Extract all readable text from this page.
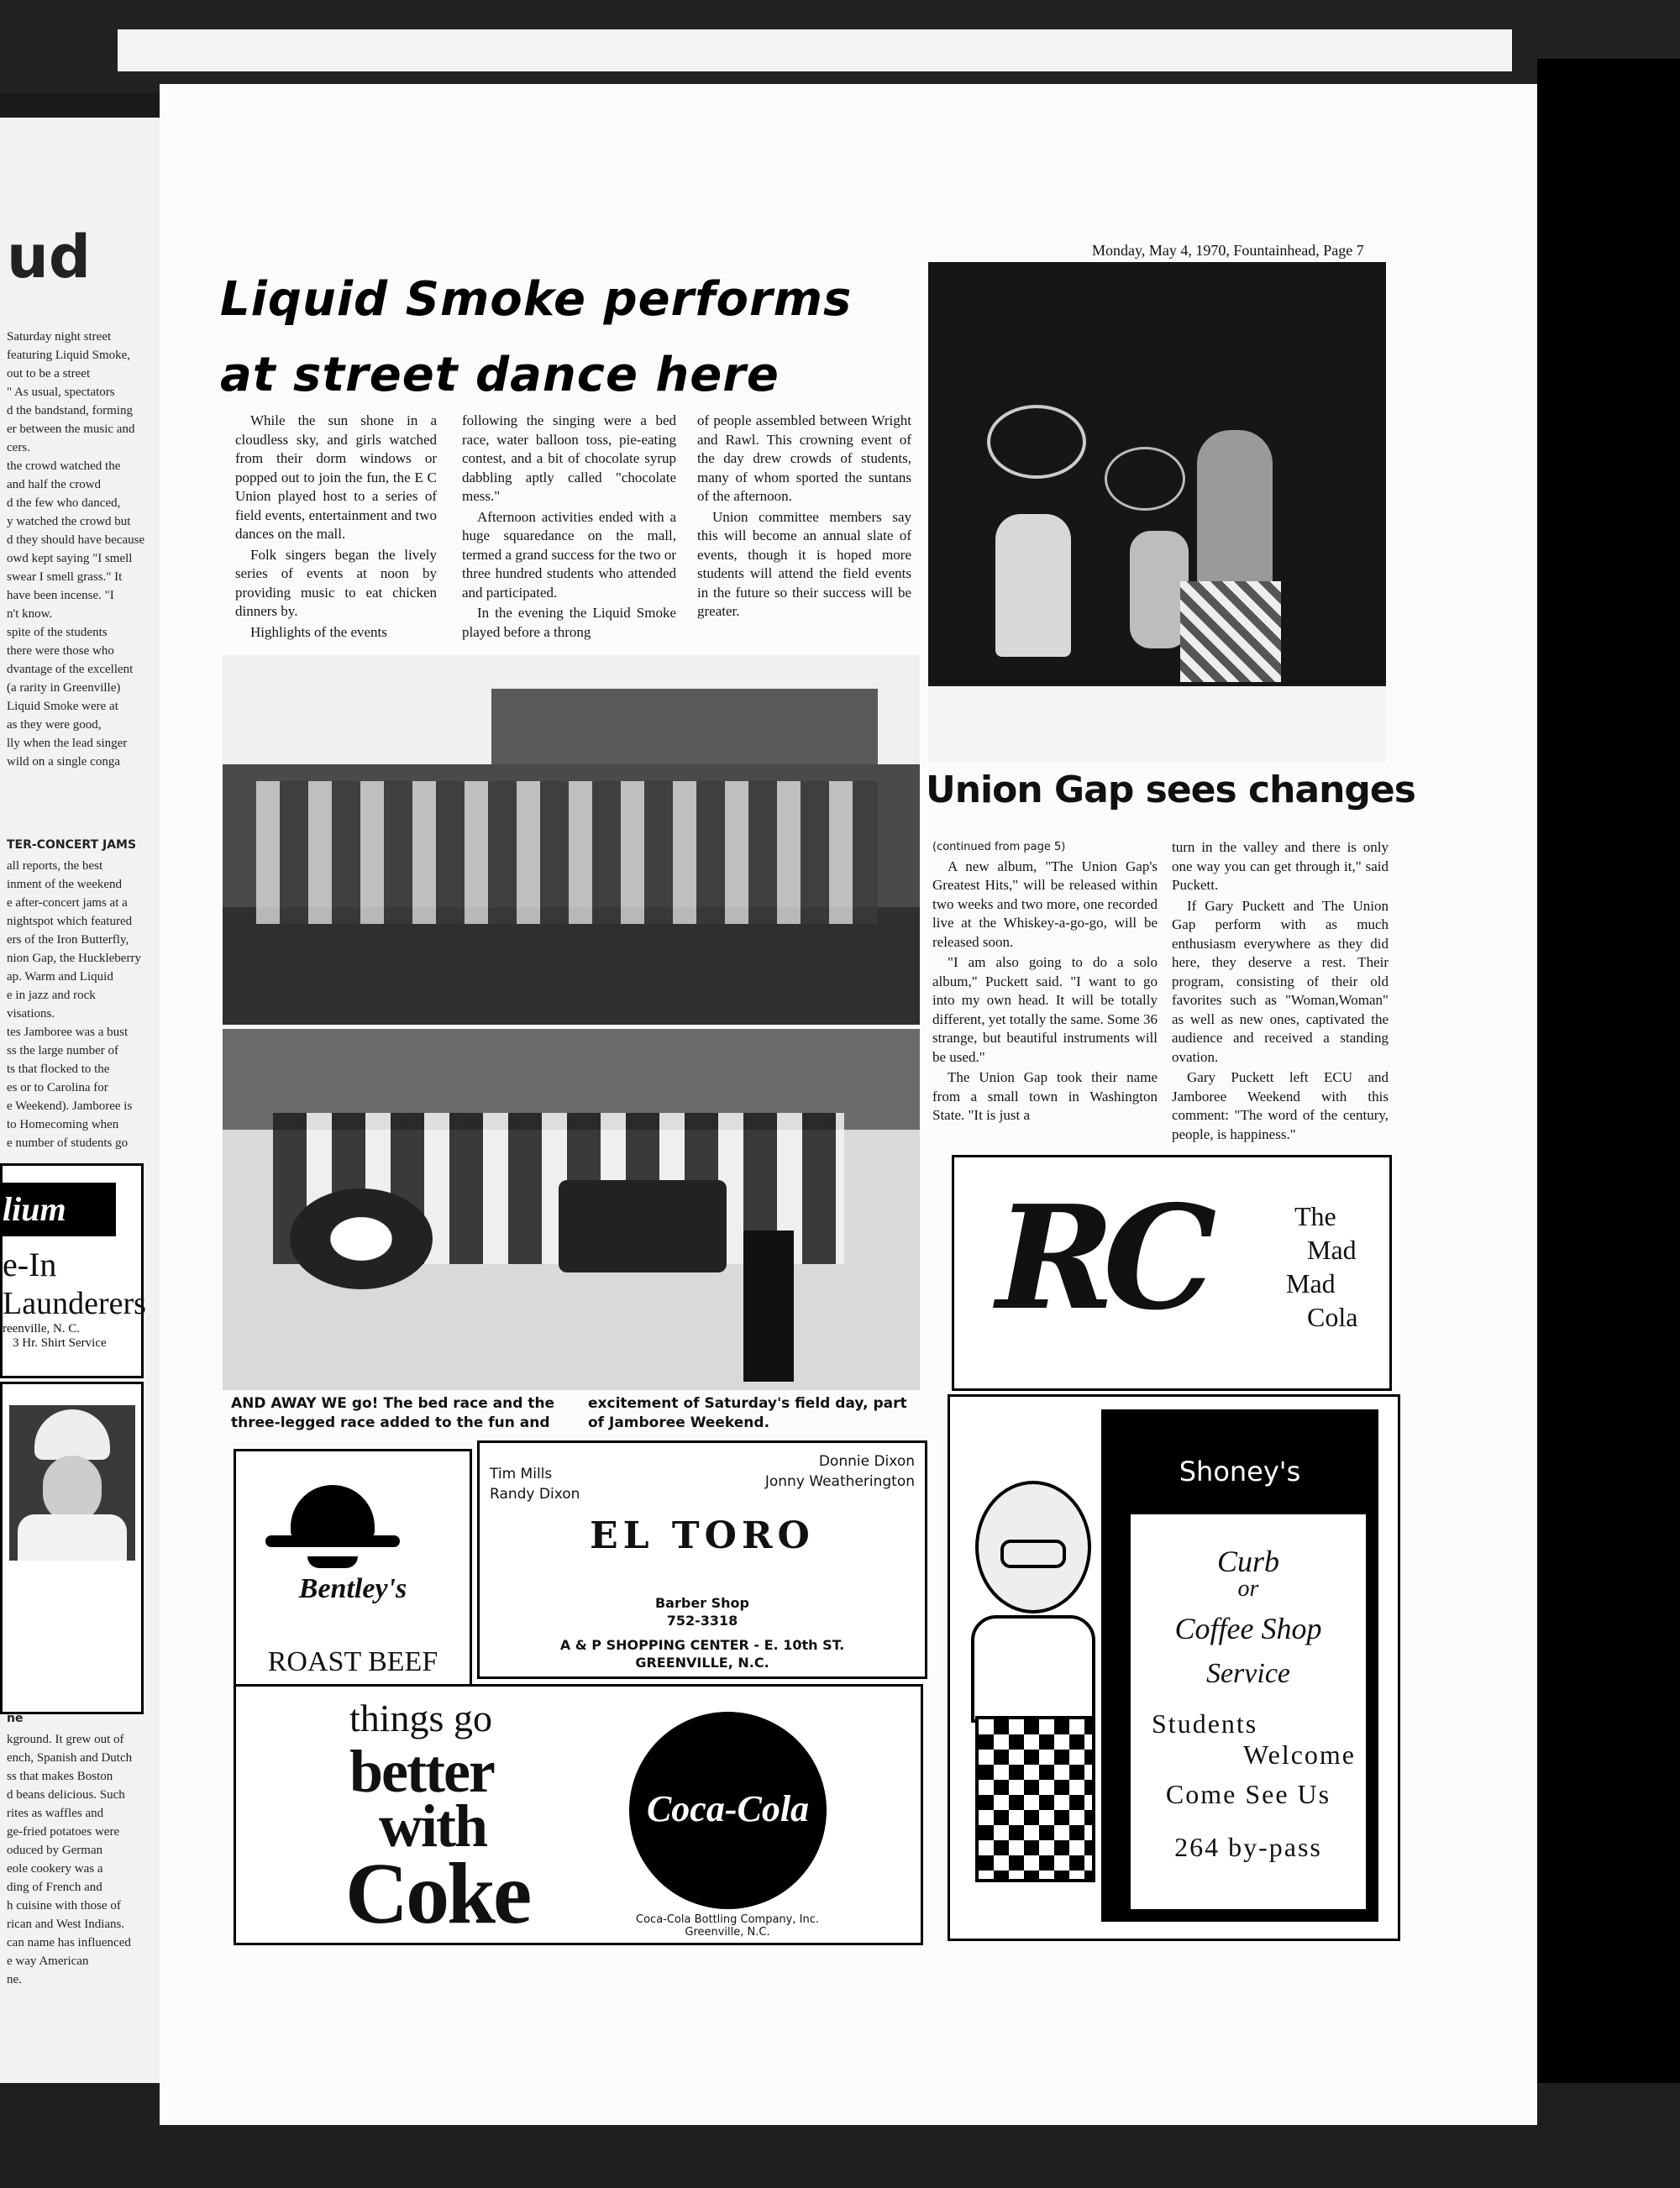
ud
Saturday night street
featuring Liquid Smoke,
out to be a street
" As usual, spectators
d the bandstand, forming
er between the music and
cers.
the crowd watched the
and half the crowd
d the few who danced,
y watched the crowd but
d they should have because
owd kept saying "I smell
swear I smell grass." It
have been incense. "I
n't know.
spite of the students
there were those who
dvantage of the excellent
(a rarity in Greenville)
Liquid Smoke were at
as they were good,
lly when the lead singer
wild on a single conga
TER-CONCERT JAMS
all reports, the best
inment of the weekend
e after-concert jams at a
nightspot which featured
ers of the Iron Butterfly,
nion Gap, the Huckleberry
ap. Warm and Liquid
e in jazz and rock
visations.
tes Jamboree was a bust
ss the large number of
ts that flocked to the
es or to Carolina for
e Weekend). Jamboree is
to Homecoming when
e number of students go
lium
e-In
Launderers
reenville, N. C.
3 Hr. Shirt Service
ne
kground. It grew out of
ench, Spanish and Dutch
ss that makes Boston
d beans delicious. Such
rites as waffles and
ge-fried potatoes were
oduced by German
eole cookery was a
ding of French and
h cuisine with those of
rican and West Indians.
can name has influenced
e way American
ne.
Monday, May 4, 1970, Fountainhead, Page 7
Liquid Smoke performs
at street dance here

While the sun shone in a cloudless sky, and girls watched from their dorm windows or popped out to join the fun, the E C Union played host to a series of field events, entertainment and two dances on the mall.

Folk singers began the lively series of events at noon by providing music to eat chicken dinners by.

Highlights of the events

following the singing were a bed race, water balloon toss, pie-eating contest, and a bit of chocolate syrup dabbling aptly called "chocolate mess."

Afternoon activities ended with a huge squaredance on the mall, termed a grand success for the two or three hundred students who attended and participated.

In the evening the Liquid Smoke played before a throng

of people assembled between Wright and Rawl. This crowning event of the day drew crowds of students, many of whom sported the suntans of the afternoon.

Union committee members say this will become an annual slate of events, though it is hoped more students will attend the field events in the future so their success will be greater.

AND AWAY WE go! The bed race and the three-legged race added to the fun and
excitement of Saturday's field day, part of Jamboree Weekend.
Union Gap sees changes
(continued from page 5)

A new album, "The Union Gap's Greatest Hits," will be released within two weeks and two more, one recorded live at the Whiskey-a-go-go, will be released soon.

"I am also going to do a solo album," Puckett said. "I want to go into my own head. It will be totally different, yet totally the same. Some 36 strange, but beautiful instruments will be used."

The Union Gap took their name from a small town in Washington State. "It is just a

turn in the valley and there is only one way you can get through it," said Puckett.

If Gary Puckett and The Union Gap perform with as much enthusiasm everywhere as they did here, they deserve a rest. Their program, consisting of their old favorites such as "Woman,Woman" as well as new ones, captivated the audience and received a standing ovation.

Gary Puckett left ECU and Jamboree Weekend with this comment: "The word of the century, people, is happiness."

RC	The
Mad
Mad
Cola
Shoney's
Curb
or
Coffee Shop
Service
Students
Welcome
Come See Us
264 by-pass
Bentley's
ROAST BEEF
Tim Mills
Randy Dixon
Donnie Dixon
Jonny Weatherington
EL TORO
Barber Shop
752-3318
A & P SHOPPING CENTER - E. 10th ST.
GREENVILLE, N.C.
things go
better
with
Coke
Coca-Cola
Coca-Cola Bottling Company, Inc.
Greenville, N.C.
